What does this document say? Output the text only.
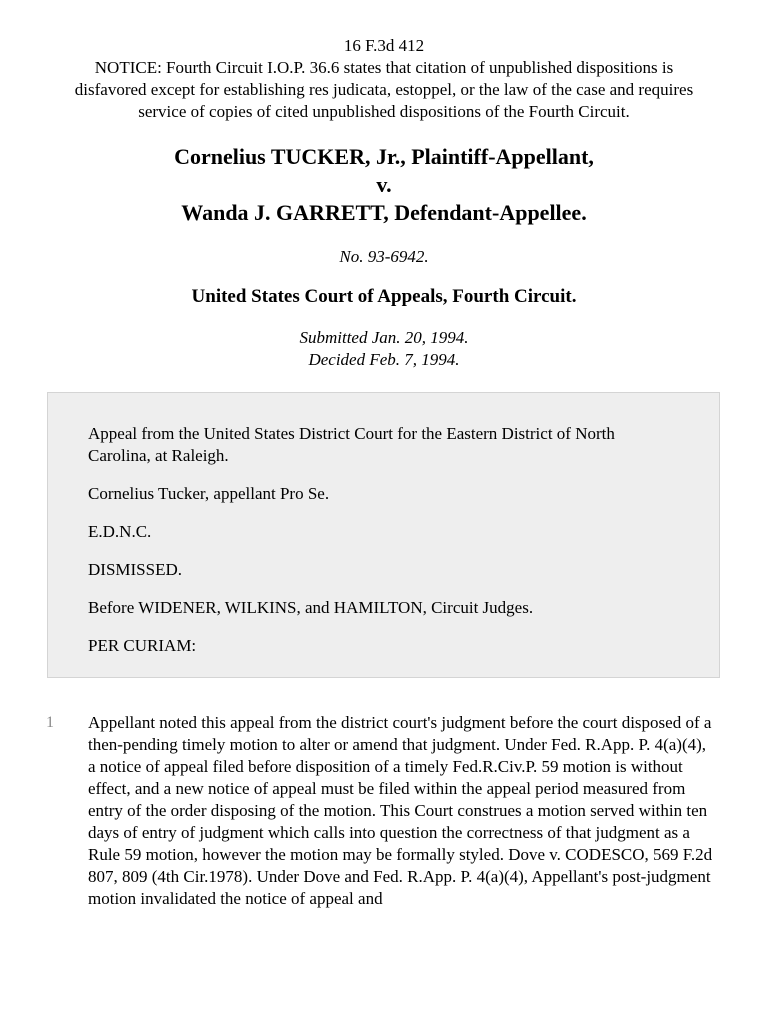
16 F.3d 412
NOTICE: Fourth Circuit I.O.P. 36.6 states that citation of unpublished dispositions is disfavored except for establishing res judicata, estoppel, or the law of the case and requires service of copies of cited unpublished dispositions of the Fourth Circuit.
Cornelius TUCKER, Jr., Plaintiff-Appellant,
v.
Wanda J. GARRETT, Defendant-Appellee.
No. 93-6942.
United States Court of Appeals, Fourth Circuit.
Submitted Jan. 20, 1994.
Decided Feb. 7, 1994.

Appeal from the United States District Court for the Eastern District of North Carolina, at Raleigh.

Cornelius Tucker, appellant Pro Se.

E.D.N.C.

DISMISSED.

Before WIDENER, WILKINS, and HAMILTON, Circuit Judges.

PER CURIAM:

1 Appellant noted this appeal from the district court's judgment before the court disposed of a then-pending timely motion to alter or amend that judgment. Under Fed. R.App. P. 4(a)(4), a notice of appeal filed before disposition of a timely Fed.R.Civ.P. 59 motion is without effect, and a new notice of appeal must be filed within the appeal period measured from entry of the order disposing of the motion. This Court construes a motion served within ten days of entry of judgment which calls into question the correctness of that judgment as a Rule 59 motion, however the motion may be formally styled. Dove v. CODESCO, 569 F.2d 807, 809 (4th Cir.1978). Under Dove and Fed. R.App. P. 4(a)(4), Appellant's post-judgment motion invalidated the notice of appeal and
